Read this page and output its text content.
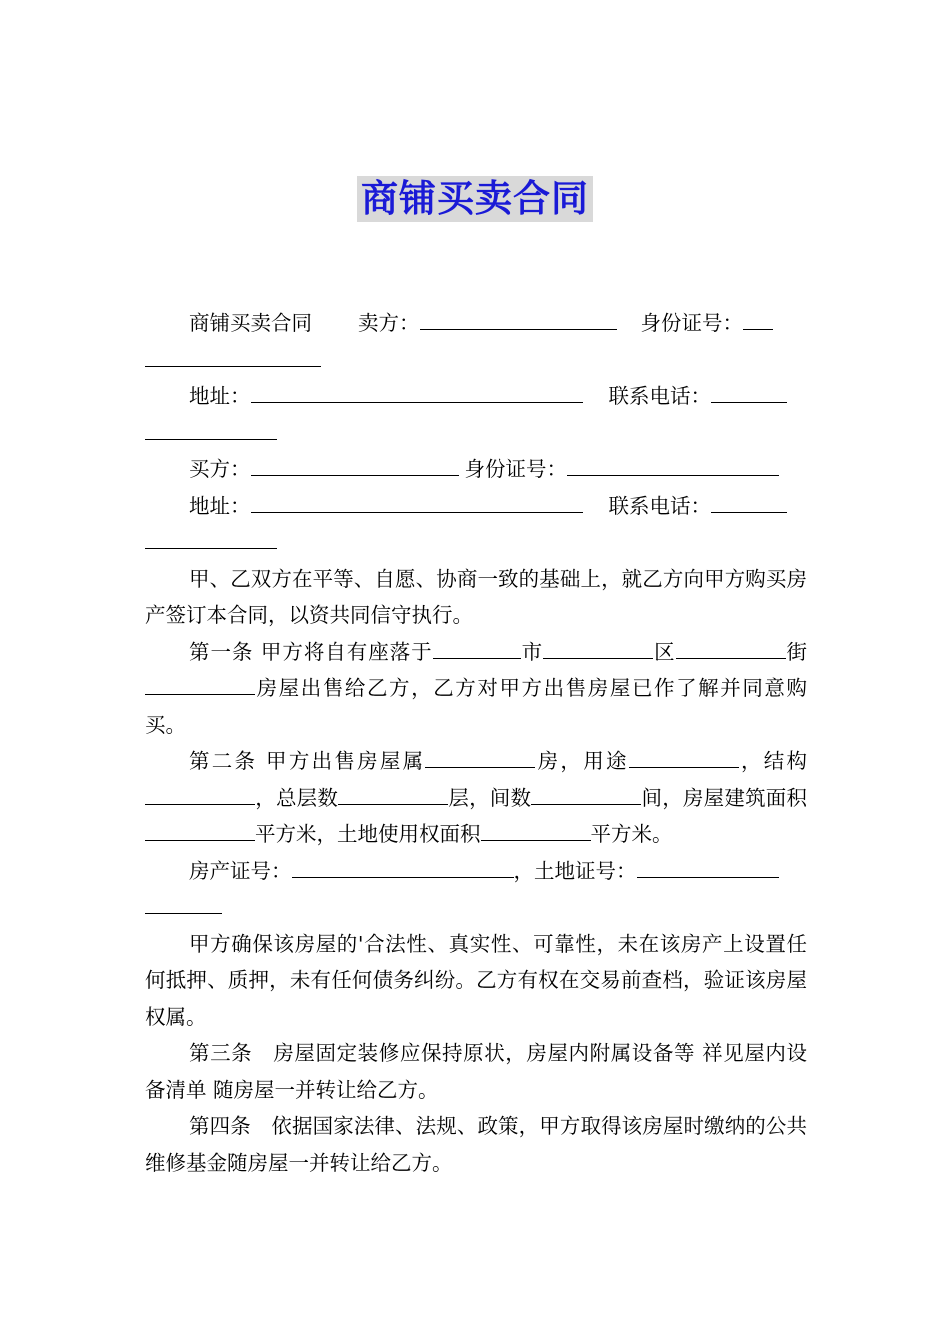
商铺买卖合同
商铺买卖合同 卖方：	身份证号：
地址：	联系电话：
买方：	身份证号：
地址：	联系电话：

甲、乙双方在平等、自愿、协商一致的基础上，就乙方向甲方购买房产签订本合同，以资共同信守执行。

第一条 甲方将自有座落于	市	区	街房屋出售给乙方，乙方对甲方出售房屋已作了解并同意购买。

第二条 甲方出售房屋属	房，用途	，结构，总层数	层，间数	间，房屋建筑面积平方米，土地使用权面积	平方米。

房产证号：	，土地证号：

甲方确保该房屋的'合法性、真实性、可靠性，未在该房产上设置任何抵押、质押，未有任何债务纠纷。乙方有权在交易前查档，验证该房屋权属。

第三条　房屋固定装修应保持原状，房屋内附属设备等 祥见屋内设备清单 随房屋一并转让给乙方。

第四条　依据国家法律、法规、政策，甲方取得该房屋时缴纳的公共维修基金随房屋一并转让给乙方。
